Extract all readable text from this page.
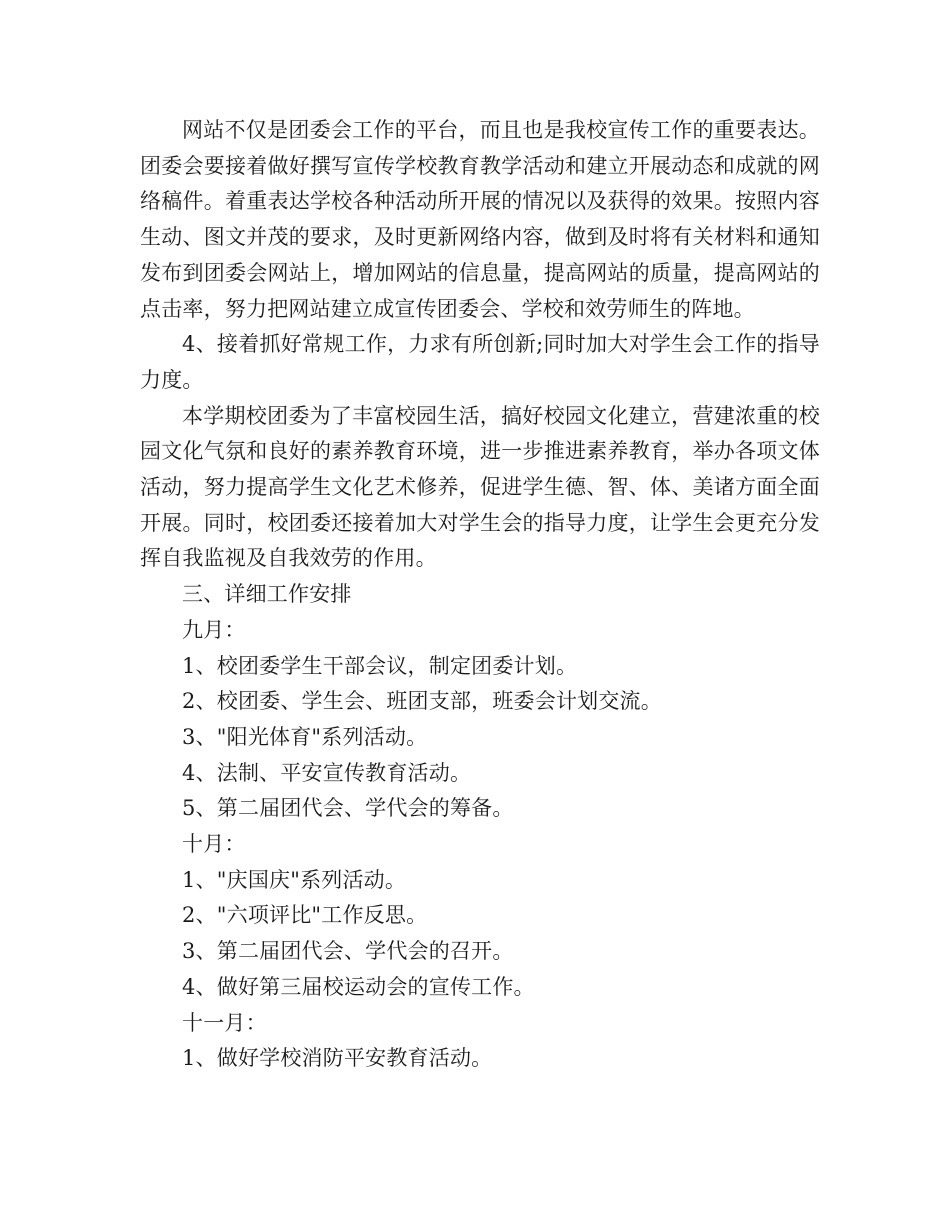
网站不仅是团委会工作的平台，而且也是我校宣传工作的重要表达。团委会要接着做好撰写宣传学校教育教学活动和建立开展动态和成就的网络稿件。着重表达学校各种活动所开展的情况以及获得的效果。按照内容生动、图文并茂的要求，及时更新网络内容，做到及时将有关材料和通知发布到团委会网站上，增加网站的信息量，提高网站的质量，提高网站的点击率，努力把网站建立成宣传团委会、学校和效劳师生的阵地。

4、接着抓好常规工作，力求有所创新;同时加大对学生会工作的指导力度。

本学期校团委为了丰富校园生活，搞好校园文化建立，营建浓重的校园文化气氛和良好的素养教育环境，进一步推进素养教育，举办各项文体活动，努力提高学生文化艺术修养，促进学生德、智、体、美诸方面全面开展。同时，校团委还接着加大对学生会的指导力度，让学生会更充分发挥自我监视及自我效劳的作用。

三、详细工作安排

九月：

1、校团委学生干部会议，制定团委计划。

2、校团委、学生会、班团支部，班委会计划交流。

3、"阳光体育"系列活动。

4、法制、平安宣传教育活动。

5、第二届团代会、学代会的筹备。

十月：

1、"庆国庆"系列活动。

2、"六项评比"工作反思。

3、第二届团代会、学代会的召开。

4、做好第三届校运动会的宣传工作。

十一月：

1、做好学校消防平安教育活动。
